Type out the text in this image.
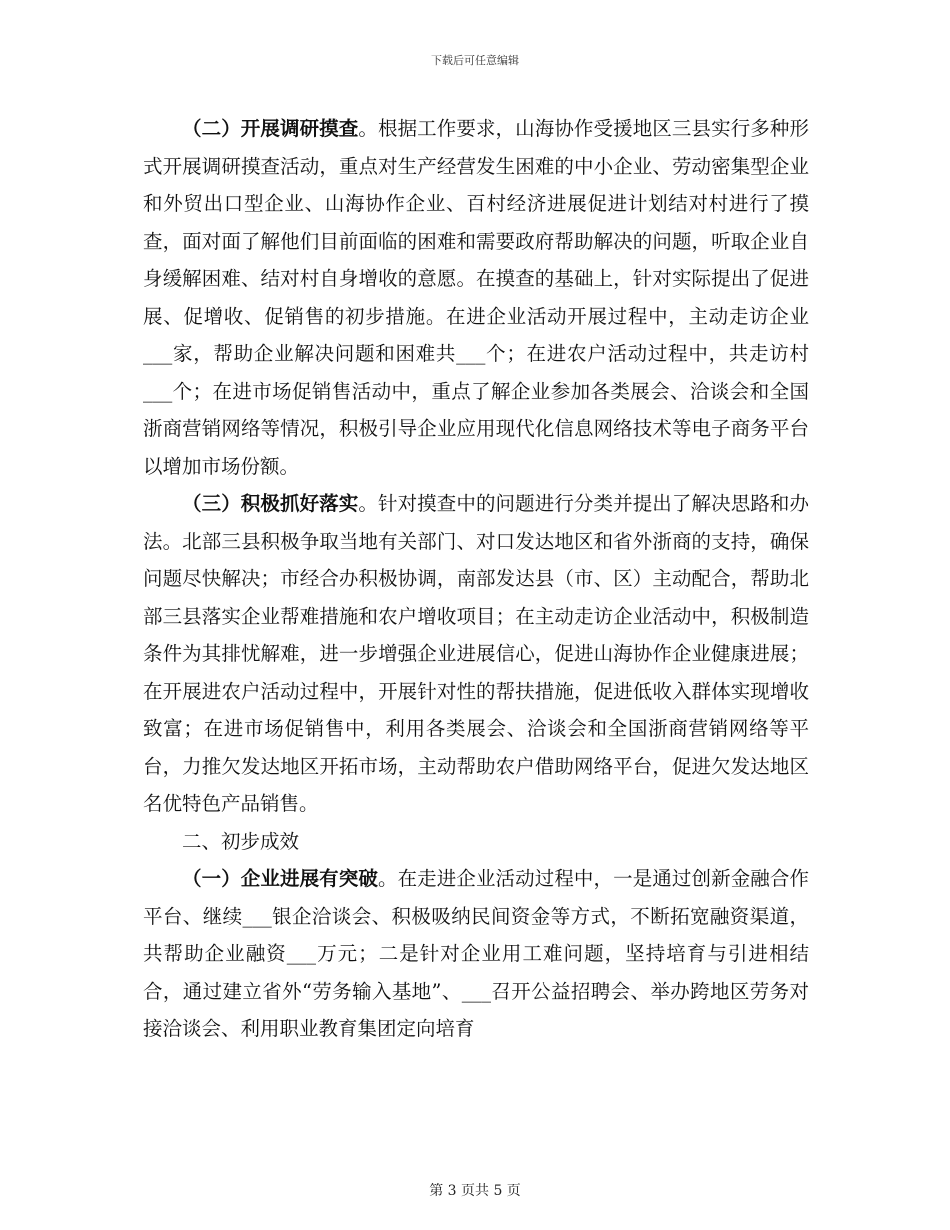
下载后可任意编辑

（二）开展调研摸查。根据工作要求，山海协作受援地区三县实行多种形式开展调研摸查活动，重点对生产经营发生困难的中小企业、劳动密集型企业和外贸出口型企业、山海协作企业、百村经济进展促进计划结对村进行了摸查，面对面了解他们目前面临的困难和需要政府帮助解决的问题，听取企业自身缓解困难、结对村自身增收的意愿。在摸查的基础上，针对实际提出了促进展、促增收、促销售的初步措施。在进企业活动开展过程中，主动走访企业___家，帮助企业解决问题和困难共___个；在进农户活动过程中，共走访村___个；在进市场促销售活动中，重点了解企业参加各类展会、洽谈会和全国浙商营销网络等情况，积极引导企业应用现代化信息网络技术等电子商务平台以增加市场份额。

（三）积极抓好落实。针对摸查中的问题进行分类并提出了解决思路和办法。北部三县积极争取当地有关部门、对口发达地区和省外浙商的支持，确保问题尽快解决；市经合办积极协调，南部发达县（市、区）主动配合，帮助北部三县落实企业帮难措施和农户增收项目；在主动走访企业活动中，积极制造条件为其排忧解难，进一步增强企业进展信心，促进山海协作企业健康进展；在开展进农户活动过程中，开展针对性的帮扶措施，促进低收入群体实现增收致富；在进市场促销售中，利用各类展会、洽谈会和全国浙商营销网络等平台，力推欠发达地区开拓市场，主动帮助农户借助网络平台，促进欠发达地区名优特色产品销售。

二、初步成效

（一）企业进展有突破。在走进企业活动过程中，一是通过创新金融合作平台、继续___银企洽谈会、积极吸纳民间资金等方式，不断拓宽融资渠道，共帮助企业融资___万元；二是针对企业用工难问题，坚持培育与引进相结合，通过建立省外“劳务输入基地”、___召开公益招聘会、举办跨地区劳务对接洽谈会、利用职业教育集团定向培育

第 3 页共 5 页
